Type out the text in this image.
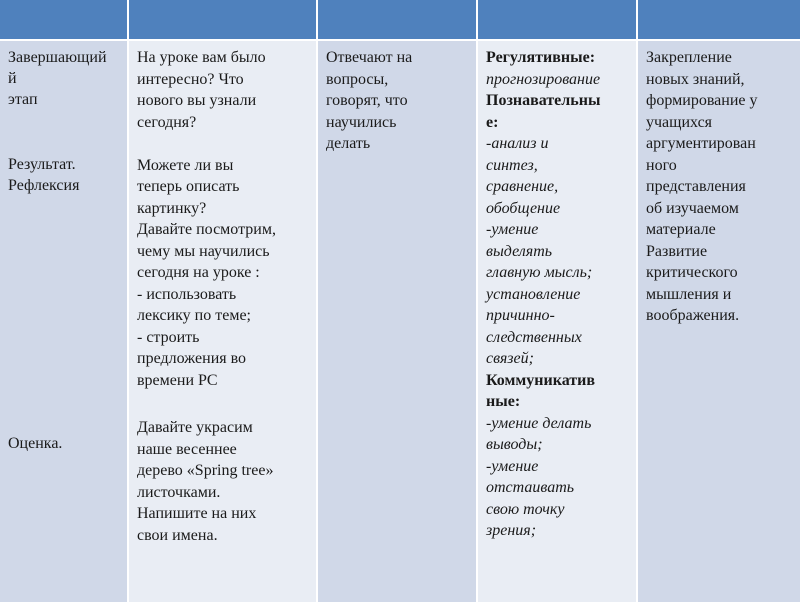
Завершающий
й
этап
Результат.
Рефлексия
Оценка.
На уроке вам было
интересно? Что
нового вы узнали
сегодня?
Можете ли вы
теперь описать
картинку?
Давайте посмотрим,
чему мы научились
сегодня на уроке :
- использовать
лексику по теме;
- строить
предложения во
времени PC
Давайте украсим
наше весеннее
дерево «Spring tree»
листочками.
Напишите на них
свои имена.
Отвечают на
вопросы,
говорят, что
научились
делать
Регулятивные:
прогнозирование
Познавательны
е:
-анализ и
синтез,
сравнение,
обобщение
-умение
выделять
главную мысль;
установление
причинно-
следственных
связей;
Коммуникатив
ные:
-умение делать
выводы;
-умение
отстаивать
свою точку
зрения;
Закрепление
новых знаний,
формирование у
учащихся
аргументирован
ного
представления
об изучаемом
материале
Развитие
критического
мышления и
воображения.
